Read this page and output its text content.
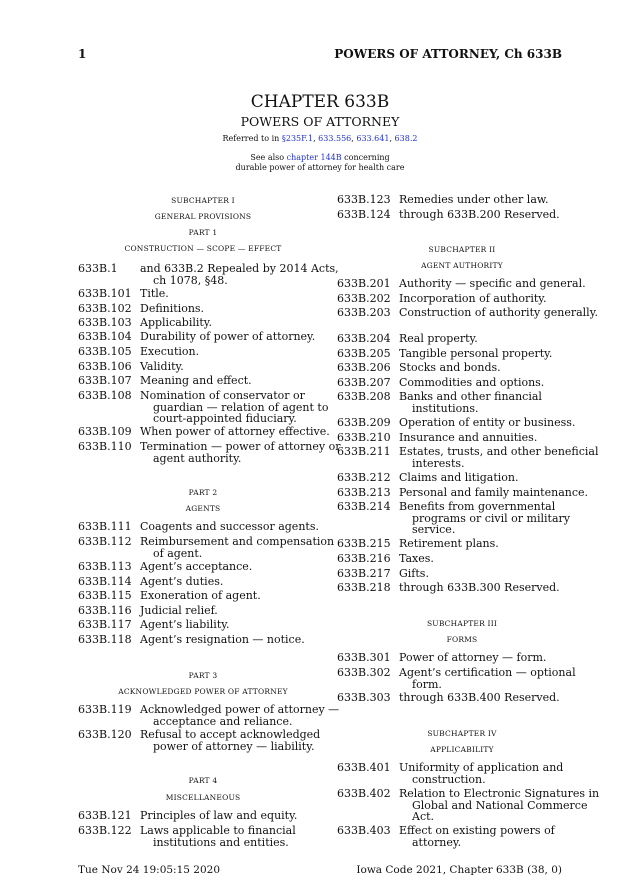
1	POWERS OF ATTORNEY, Ch 633B
CHAPTER 633B
POWERS OF ATTORNEY
Referred to in §235F.1, 633.556, 633.641, 638.2
See also chapter 144B concerning
durable power of attorney for health care
SUBCHAPTER I
GENERAL PROVISIONS
PART 1
CONSTRUCTION — SCOPE — EFFECT
633B.1 and 633B.2 Repealed by 2014 Acts, ch 1078, §48.
633B.101 Title.
633B.102 Definitions.
633B.103 Applicability.
633B.104 Durability of power of attorney.
633B.105 Execution.
633B.106 Validity.
633B.107 Meaning and effect.
633B.108 Nomination of conservator or guardian — relation of agent to court-appointed fiduciary.
633B.109 When power of attorney effective.
633B.110 Termination — power of attorney or agent authority.
PART 2
AGENTS
633B.111 Coagents and successor agents.
633B.112 Reimbursement and compensation of agent.
633B.113 Agent’s acceptance.
633B.114 Agent’s duties.
633B.115 Exoneration of agent.
633B.116 Judicial relief.
633B.117 Agent’s liability.
633B.118 Agent’s resignation — notice.
PART 3
ACKNOWLEDGED POWER OF ATTORNEY
633B.119 Acknowledged power of attorney — acceptance and reliance.
633B.120 Refusal to accept acknowledged power of attorney — liability.
PART 4
MISCELLANEOUS
633B.121 Principles of law and equity.
633B.122 Laws applicable to financial institutions and entities.
633B.123 Remedies under other law.
633B.124 through 633B.200 Reserved.
SUBCHAPTER II
AGENT AUTHORITY
633B.201 Authority — specific and general.
633B.202 Incorporation of authority.
633B.203 Construction of authority generally.
633B.204 Real property.
633B.205 Tangible personal property.
633B.206 Stocks and bonds.
633B.207 Commodities and options.
633B.208 Banks and other financial institutions.
633B.209 Operation of entity or business.
633B.210 Insurance and annuities.
633B.211 Estates, trusts, and other beneficial interests.
633B.212 Claims and litigation.
633B.213 Personal and family maintenance.
633B.214 Benefits from governmental programs or civil or military service.
633B.215 Retirement plans.
633B.216 Taxes.
633B.217 Gifts.
633B.218 through 633B.300 Reserved.
SUBCHAPTER III
FORMS
633B.301 Power of attorney — form.
633B.302 Agent’s certification — optional form.
633B.303 through 633B.400 Reserved.
SUBCHAPTER IV
APPLICABILITY
633B.401 Uniformity of application and construction.
633B.402 Relation to Electronic Signatures in Global and National Commerce Act.
633B.403 Effect on existing powers of attorney.
Tue Nov 24 19:05:15 2020	Iowa Code 2021, Chapter 633B (38, 0)
